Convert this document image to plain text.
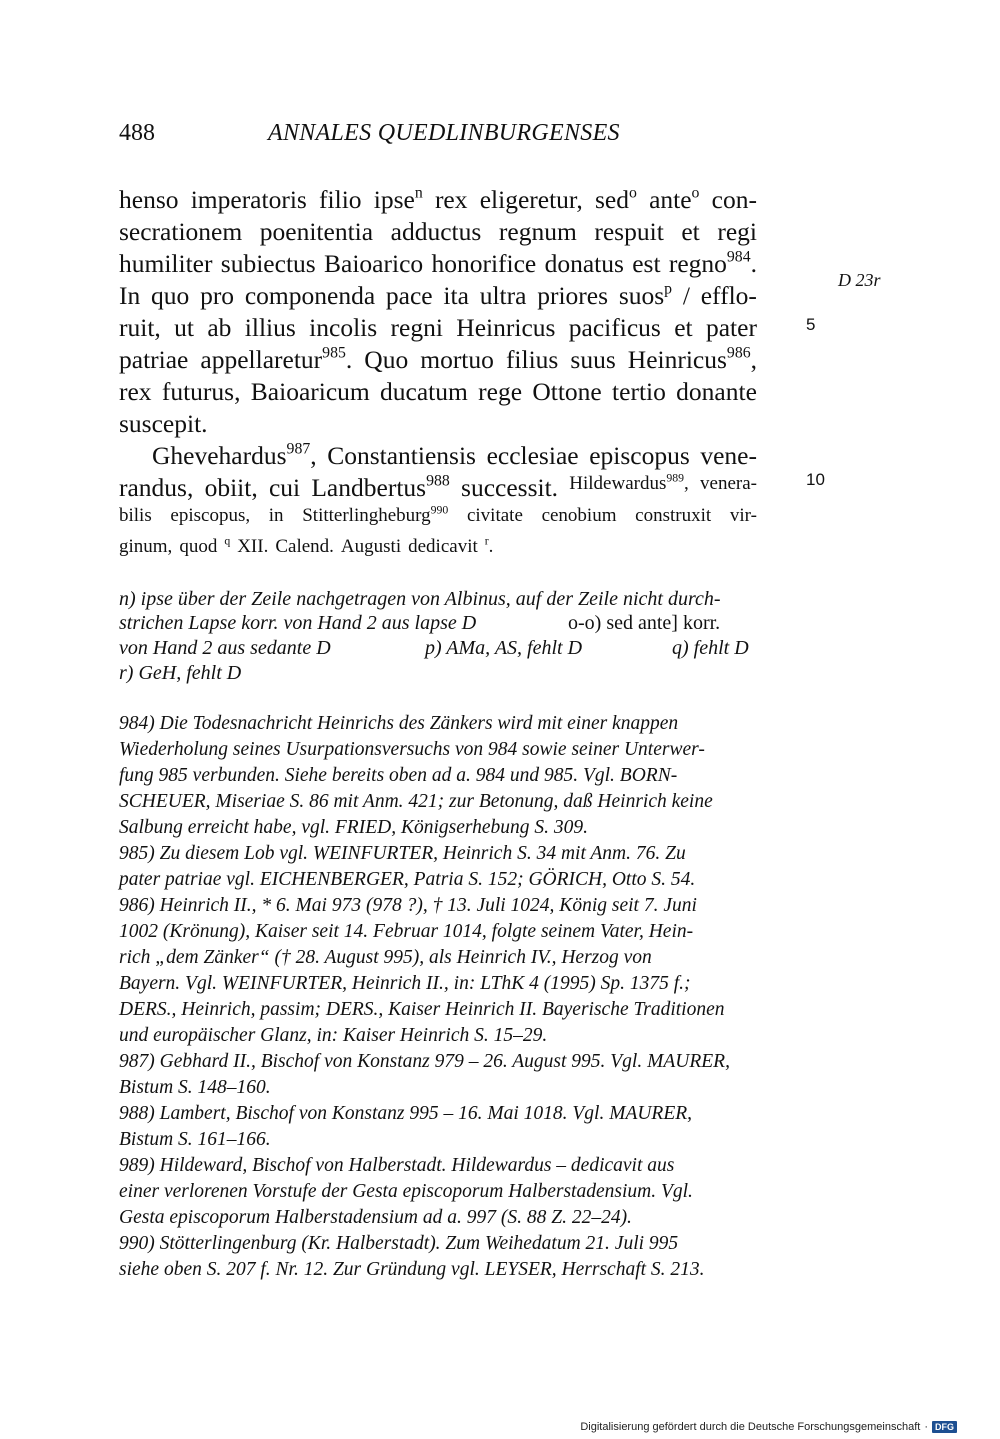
488	ANNALES QUEDLINBURGENSES
D 23r
5
10
henso imperatoris filio ipse$^n$ rex eligeretur, sed$^o$ ante$^o$ con-
secrationem poenitentia adductus regnum respuit et regi
humiliter subiectus Baioarico honorifice donatus est regno$^{984}$.
In quo pro componenda pace ita ultra priores suos$^p$ / efflo-
ruit, ut ab illius incolis regni Heinricus pacificus et pater
patriae appellaretur$^{985}$. Quo mortuo filius suus Heinricus$^{986}$,
rex futurus, Baioaricum ducatum rege Ottone tertio donante
suscepit.
Ghevehardus$^{987}$, Constantiensis ecclesiae episcopus vene-
randus, obiit, cui Landbertus$^{988}$ successit. Hildewardus$^{989}$, venera-
bilis episcopus, in Stitterlingheburg$^{990}$ civitate cenobium construxit vir-
ginum, quod $^q$ XII. Calend. Augusti dedicavit $^r$.
n) ipse über der Zeile nachgetragen von Albinus, auf der Zeile nicht durch-
strichen Lapse korr. von Hand 2 aus lapse D	o-o) sed ante] korr.
von Hand 2 aus sedante D	p) AMa, AS, fehlt D	q) fehlt D
r) GeH, fehlt D
984) Die Todesnachricht Heinrichs des Zänkers wird mit einer knappen
Wiederholung seines Usurpationsversuchs von 984 sowie seiner Unterwer-
fung 985 verbunden. Siehe bereits oben ad a. 984 und 985. Vgl. BORN-
SCHEUER, Miseriae S. 86 mit Anm. 421; zur Betonung, daß Heinrich keine
Salbung erreicht habe, vgl. FRIED, Königserhebung S. 309.
985) Zu diesem Lob vgl. WEINFURTER, Heinrich S. 34 mit Anm. 76. Zu
pater patriae vgl. EICHENBERGER, Patria S. 152; GÖRICH, Otto S. 54.
986) Heinrich II., * 6. Mai 973 (978 ?), † 13. Juli 1024, König seit 7. Juni
1002 (Krönung), Kaiser seit 14. Februar 1014, folgte seinem Vater, Hein-
rich „dem Zänker“ († 28. August 995), als Heinrich IV., Herzog von
Bayern. Vgl. WEINFURTER, Heinrich II., in: LThK 4 (1995) Sp. 1375 f.;
DERS., Heinrich, passim; DERS., Kaiser Heinrich II. Bayerische Traditionen
und europäischer Glanz, in: Kaiser Heinrich S. 15–29.
987) Gebhard II., Bischof von Konstanz 979 – 26. August 995. Vgl. MAURER,
Bistum S. 148–160.
988) Lambert, Bischof von Konstanz 995 – 16. Mai 1018. Vgl. MAURER,
Bistum S. 161–166.
989) Hildeward, Bischof von Halberstadt. Hildewardus – dedicavit aus
einer verlorenen Vorstufe der Gesta episcoporum Halberstadensium. Vgl.
Gesta episcoporum Halberstadensium ad a. 997 (S. 88 Z. 22–24).
990) Stötterlingenburg (Kr. Halberstadt). Zum Weihedatum 21. Juli 995
siehe oben S. 207 f. Nr. 12. Zur Gründung vgl. LEYSER, Herrschaft S. 213.
Digitalisierung gefördert durch die Deutsche Forschungsgemeinschaft · DFG
